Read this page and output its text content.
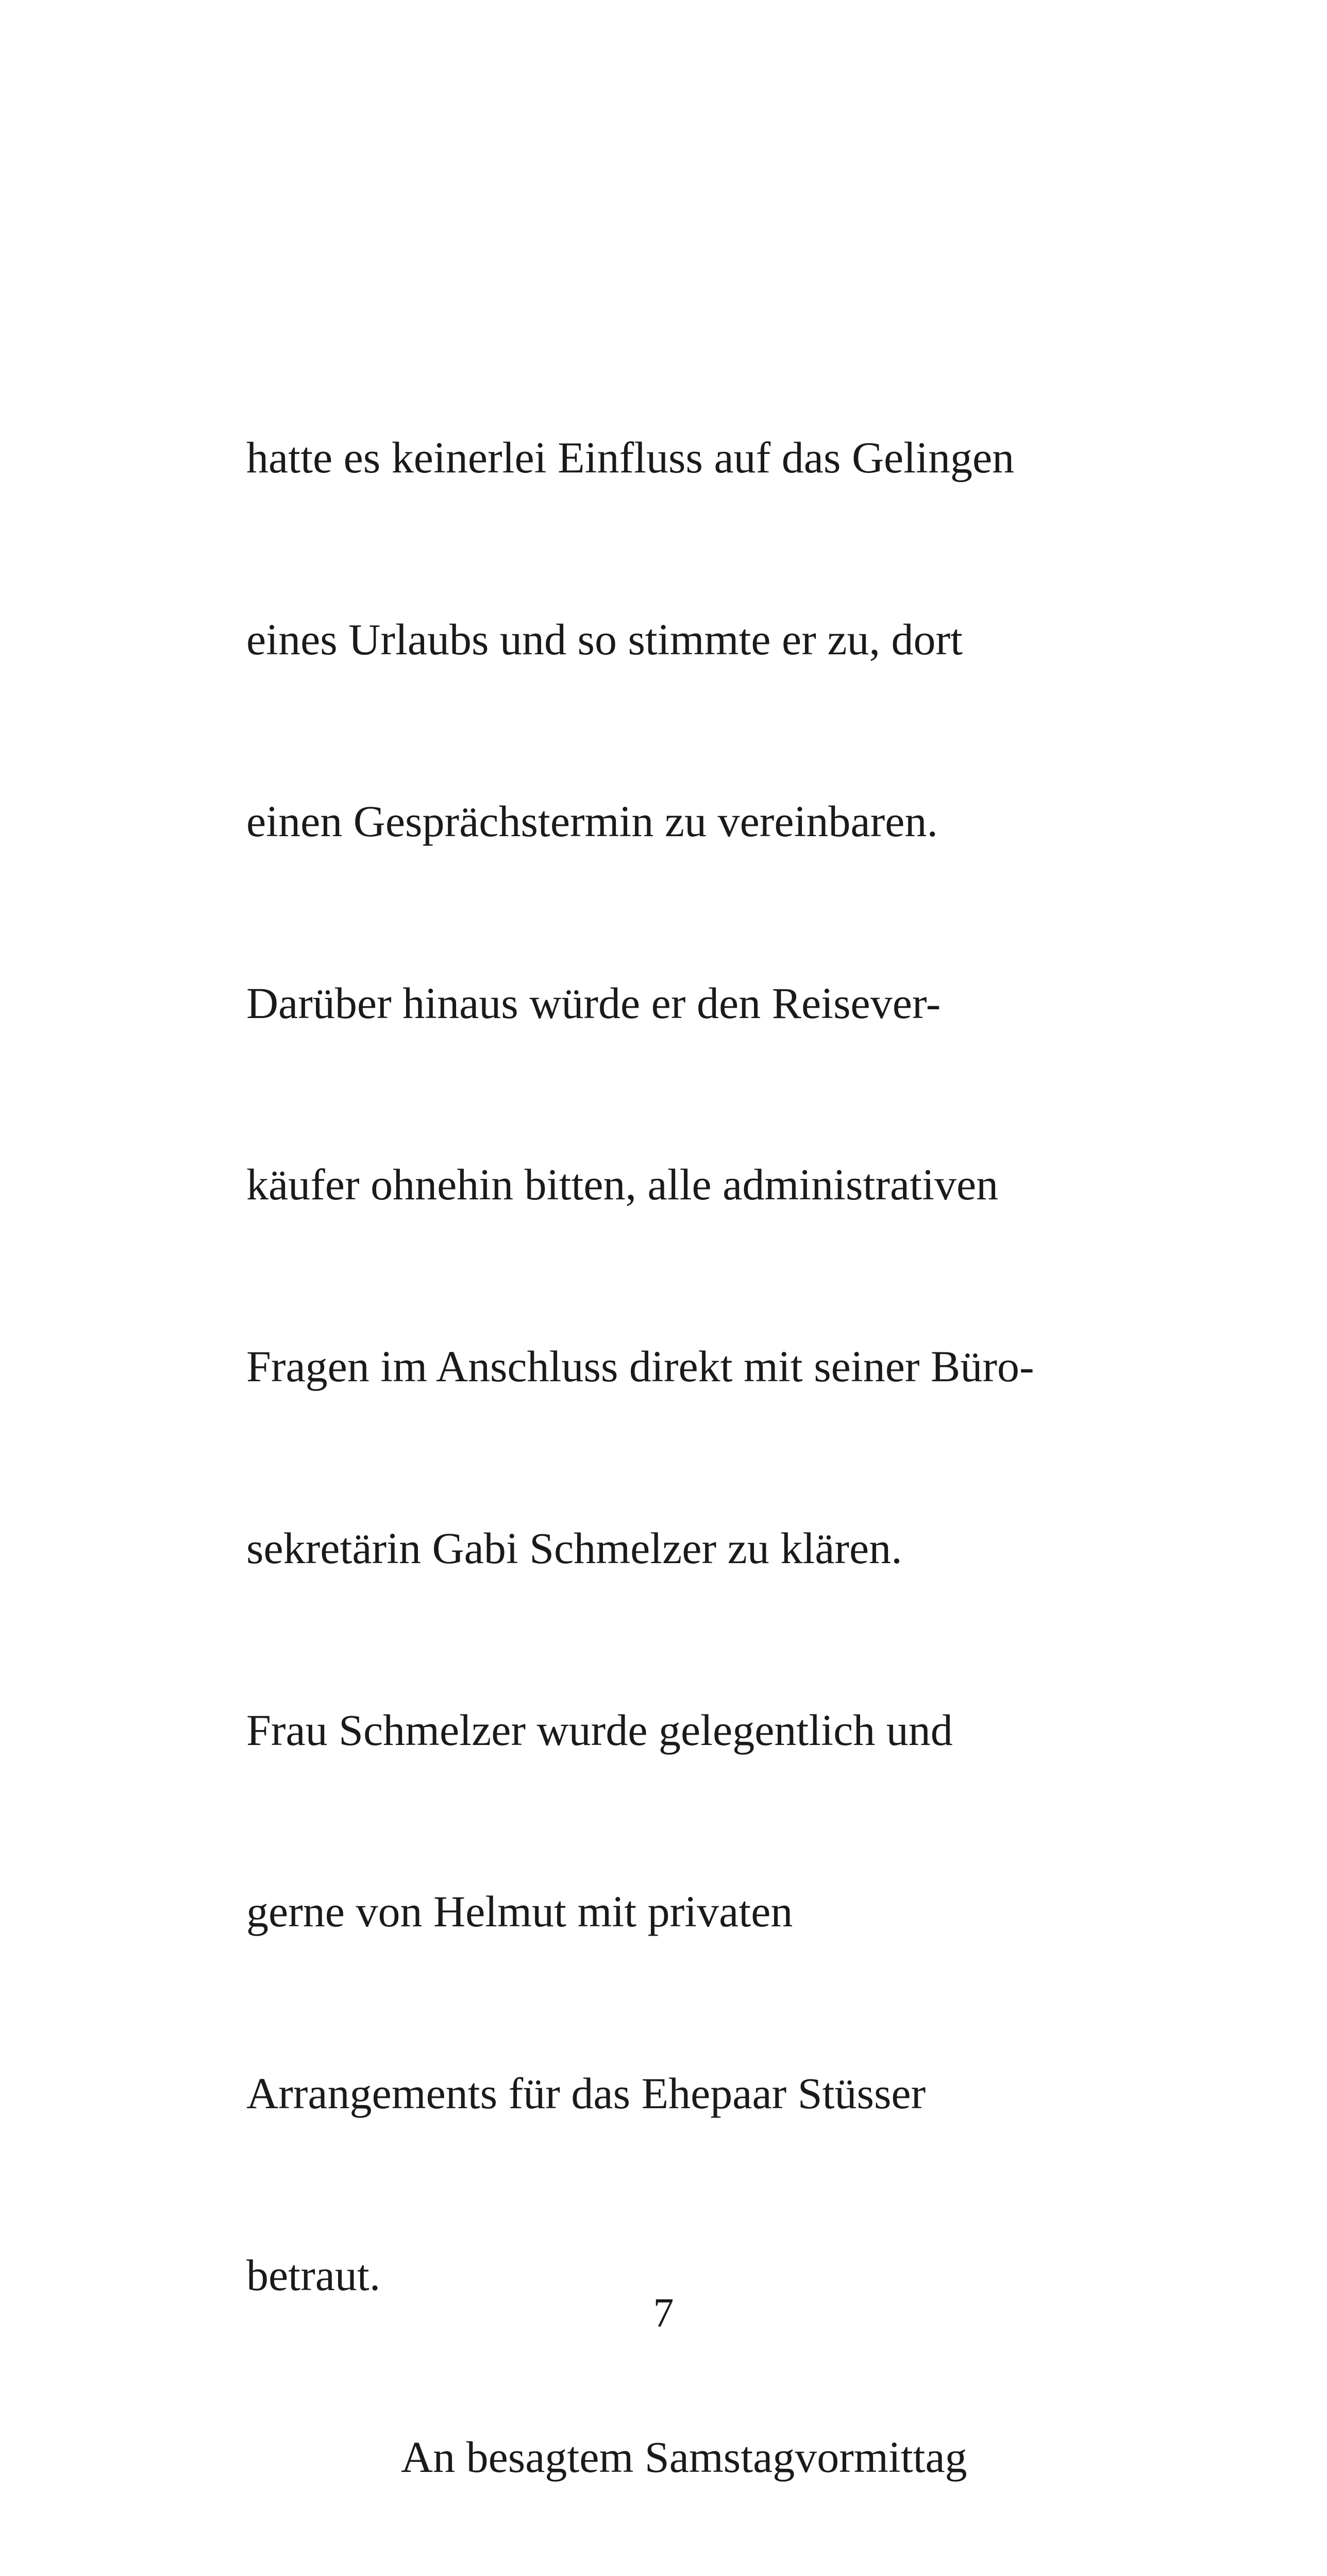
hatte es keinerlei Einfluss auf das Gelingen

eines Urlaubs und so stimmte er zu, dort

einen Gesprächstermin zu vereinbaren.

Darüber hinaus würde er den Reisever-

käufer ohnehin bitten, alle administrativen

Fragen im Anschluss direkt mit seiner Büro-

sekretärin Gabi Schmelzer zu klären.

Frau Schmelzer wurde gelegentlich und

gerne von Helmut mit privaten

Arrangements für das Ehepaar Stüsser

betraut.

An besagtem Samstagvormittag

7
